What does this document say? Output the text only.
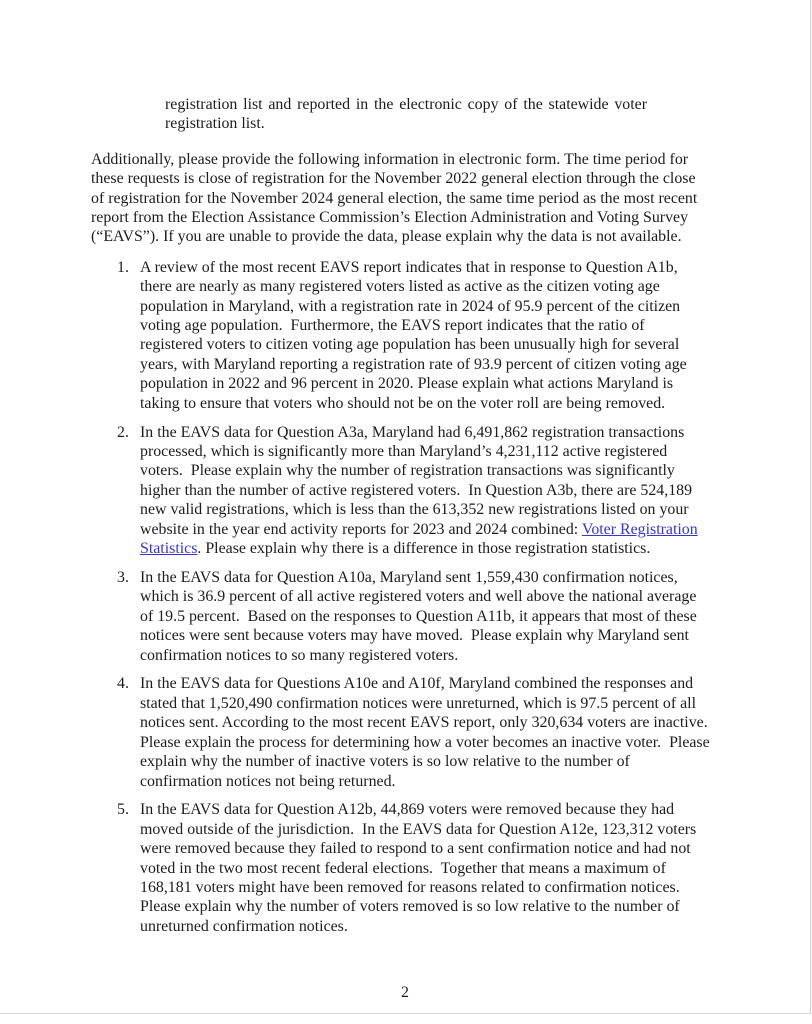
registration list and reported in the electronic copy of the statewide voter
registration list.
Additionally, please provide the following information in electronic form. The time period for
these requests is close of registration for the November 2022 general election through the close
of registration for the November 2024 general election, the same time period as the most recent
report from the Election Assistance Commission’s Election Administration and Voting Survey
(“EAVS”). If you are unable to provide the data, please explain why the data is not available.
1. A review of the most recent EAVS report indicates that in response to Question A1b,
there are nearly as many registered voters listed as active as the citizen voting age
population in Maryland, with a registration rate in 2024 of 95.9 percent of the citizen
voting age population.  Furthermore, the EAVS report indicates that the ratio of
registered voters to citizen voting age population has been unusually high for several
years, with Maryland reporting a registration rate of 93.9 percent of citizen voting age
population in 2022 and 96 percent in 2020. Please explain what actions Maryland is
taking to ensure that voters who should not be on the voter roll are being removed.
2. In the EAVS data for Question A3a, Maryland had 6,491,862 registration transactions
processed, which is significantly more than Maryland’s 4,231,112 active registered
voters.  Please explain why the number of registration transactions was significantly
higher than the number of active registered voters.  In Question A3b, there are 524,189
new valid registrations, which is less than the 613,352 new registrations listed on your
website in the year end activity reports for 2023 and 2024 combined: Voter Registration
Statistics. Please explain why there is a difference in those registration statistics.
3. In the EAVS data for Question A10a, Maryland sent 1,559,430 confirmation notices,
which is 36.9 percent of all active registered voters and well above the national average
of 19.5 percent.  Based on the responses to Question A11b, it appears that most of these
notices were sent because voters may have moved.  Please explain why Maryland sent
confirmation notices to so many registered voters.
4. In the EAVS data for Questions A10e and A10f, Maryland combined the responses and
stated that 1,520,490 confirmation notices were unreturned, which is 97.5 percent of all
notices sent. According to the most recent EAVS report, only 320,634 voters are inactive.
Please explain the process for determining how a voter becomes an inactive voter.  Please
explain why the number of inactive voters is so low relative to the number of
confirmation notices not being returned.
5. In the EAVS data for Question A12b, 44,869 voters were removed because they had
moved outside of the jurisdiction.  In the EAVS data for Question A12e, 123,312 voters
were removed because they failed to respond to a sent confirmation notice and had not
voted in the two most recent federal elections.  Together that means a maximum of
168,181 voters might have been removed for reasons related to confirmation notices.
Please explain why the number of voters removed is so low relative to the number of
unreturned confirmation notices.
2
